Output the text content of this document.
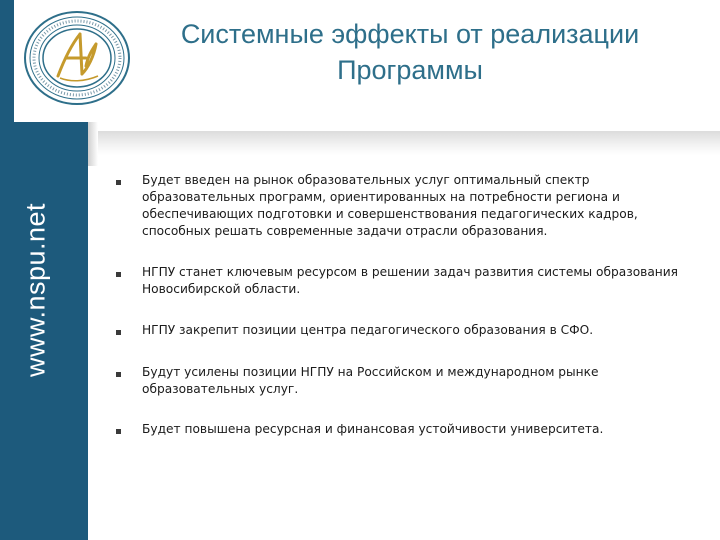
www.nspu.net
Системные эффекты от реализации
Программы
Будет введен на рынок образовательных услуг оптимальный спектр образовательных программ, ориентированных на потребности региона и обеспечивающих подготовки и совершенствования педагогических кадров, способных решать современные задачи отрасли образования.
НГПУ станет ключевым ресурсом в решении задач развития системы образования Новосибирской области.
НГПУ закрепит позиции центра педагогического образования в СФО.
Будут усилены позиции НГПУ на Российском и международном рынке образовательных услуг.
Будет повышена ресурсная и финансовая устойчивости университета.
